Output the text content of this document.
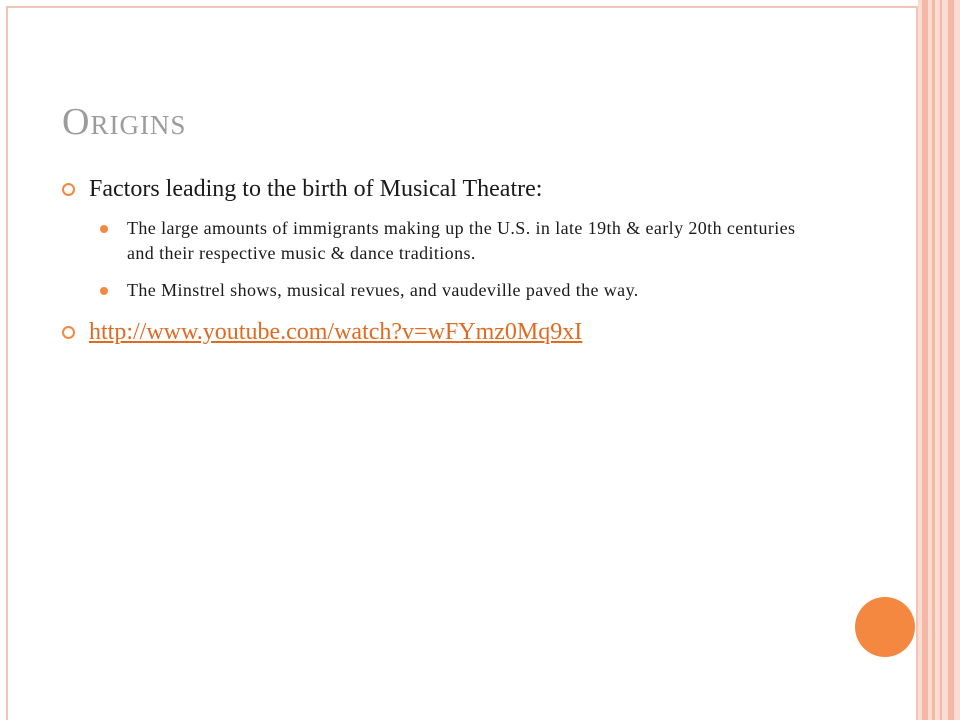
Origins

Factors leading to the birth of Musical Theatre:

The large amounts of immigrants making up the U.S. in late 19th & early 20th centuries and their respective music & dance traditions.

The Minstrel shows, musical revues, and vaudeville paved the way.

http://www.youtube.com/watch?v=wFYmz0Mq9xI
